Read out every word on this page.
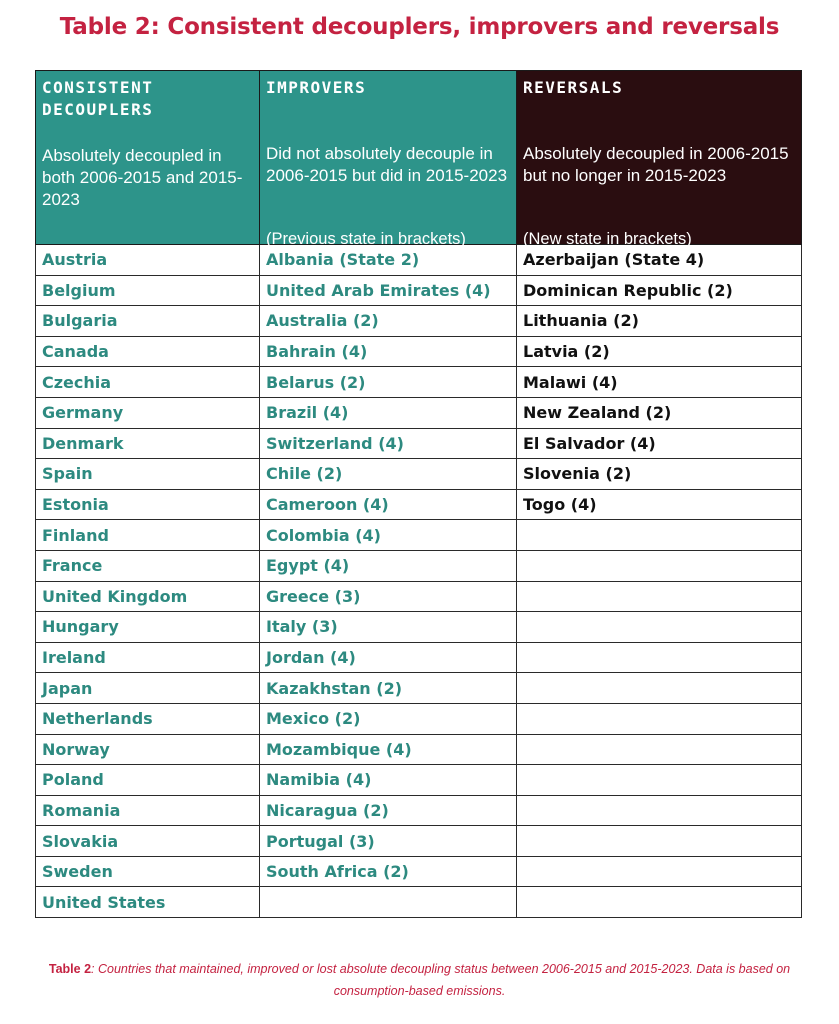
Table 2: Consistent decouplers, improvers and reversals
CONSISTENT DECOUPLERS
Absolutely decoupled in both 2006-2015 and 2015-2023	IMPROVERS
Did not absolutely decouple in 2006-2015 but did in 2015-2023
(Previous state in brackets)	REVERSALS
Absolutely decoupled in 2006-2015 but no longer in 2015-2023
(New state in brackets)

Austria	Albania (State 2)	Azerbaijan (State 4)
Belgium	United Arab Emirates (4)	Dominican Republic (2)
Bulgaria	Australia (2)	Lithuania (2)
Canada	Bahrain (4)	Latvia (2)
Czechia	Belarus (2)	Malawi (4)
Germany	Brazil (4)	New Zealand (2)
Denmark	Switzerland (4)	El Salvador (4)
Spain	Chile (2)	Slovenia (2)
Estonia	Cameroon (4)	Togo (4)
Finland	Colombia (4)	
France	Egypt (4)	
United Kingdom	Greece (3)	
Hungary	Italy (3)	
Ireland	Jordan (4)	
Japan	Kazakhstan (2)	
Netherlands	Mexico (2)	
Norway	Mozambique (4)	
Poland	Namibia (4)	
Romania	Nicaragua (2)	
Slovakia	Portugal (3)	
Sweden	South Africa (2)	
United States		
Table 2: Countries that maintained, improved or lost absolute decoupling status between 2006-2015 and 2015-2023. Data is based on consumption-based emissions.
